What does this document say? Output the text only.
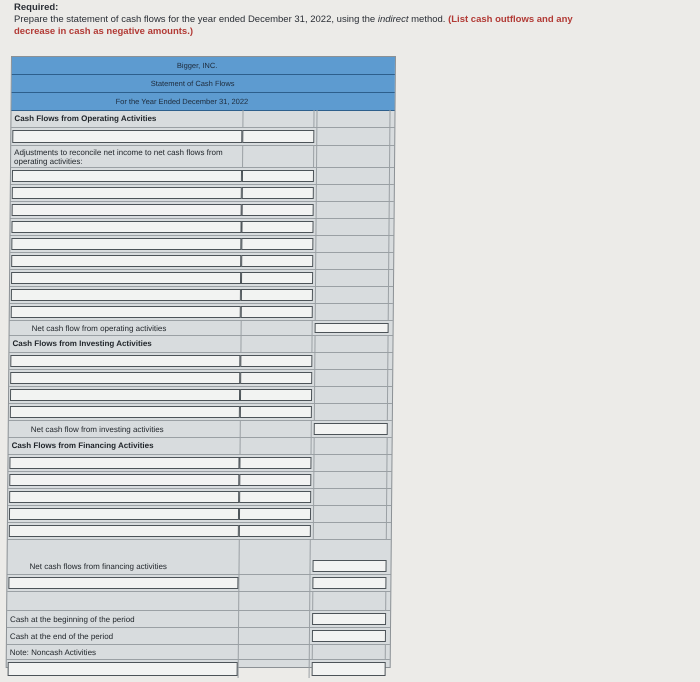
Required:
Prepare the statement of cash flows for the year ended December 31, 2022, using the indirect method. (List cash outflows and any
decrease in cash as negative amounts.)
Bigger, INC.
Statement of Cash Flows
For the Year Ended December 31, 2022
Cash Flows from Operating Activities
Adjustments to reconcile net income to net cash flows from operating activities:
Net cash flow from operating activities
Cash Flows from Investing Activities
Net cash flow from investing activities
Cash Flows from Financing Activities
Net cash flows from financing activities
Cash at the beginning of the period
Cash at the end of the period
Note: Noncash Activities
